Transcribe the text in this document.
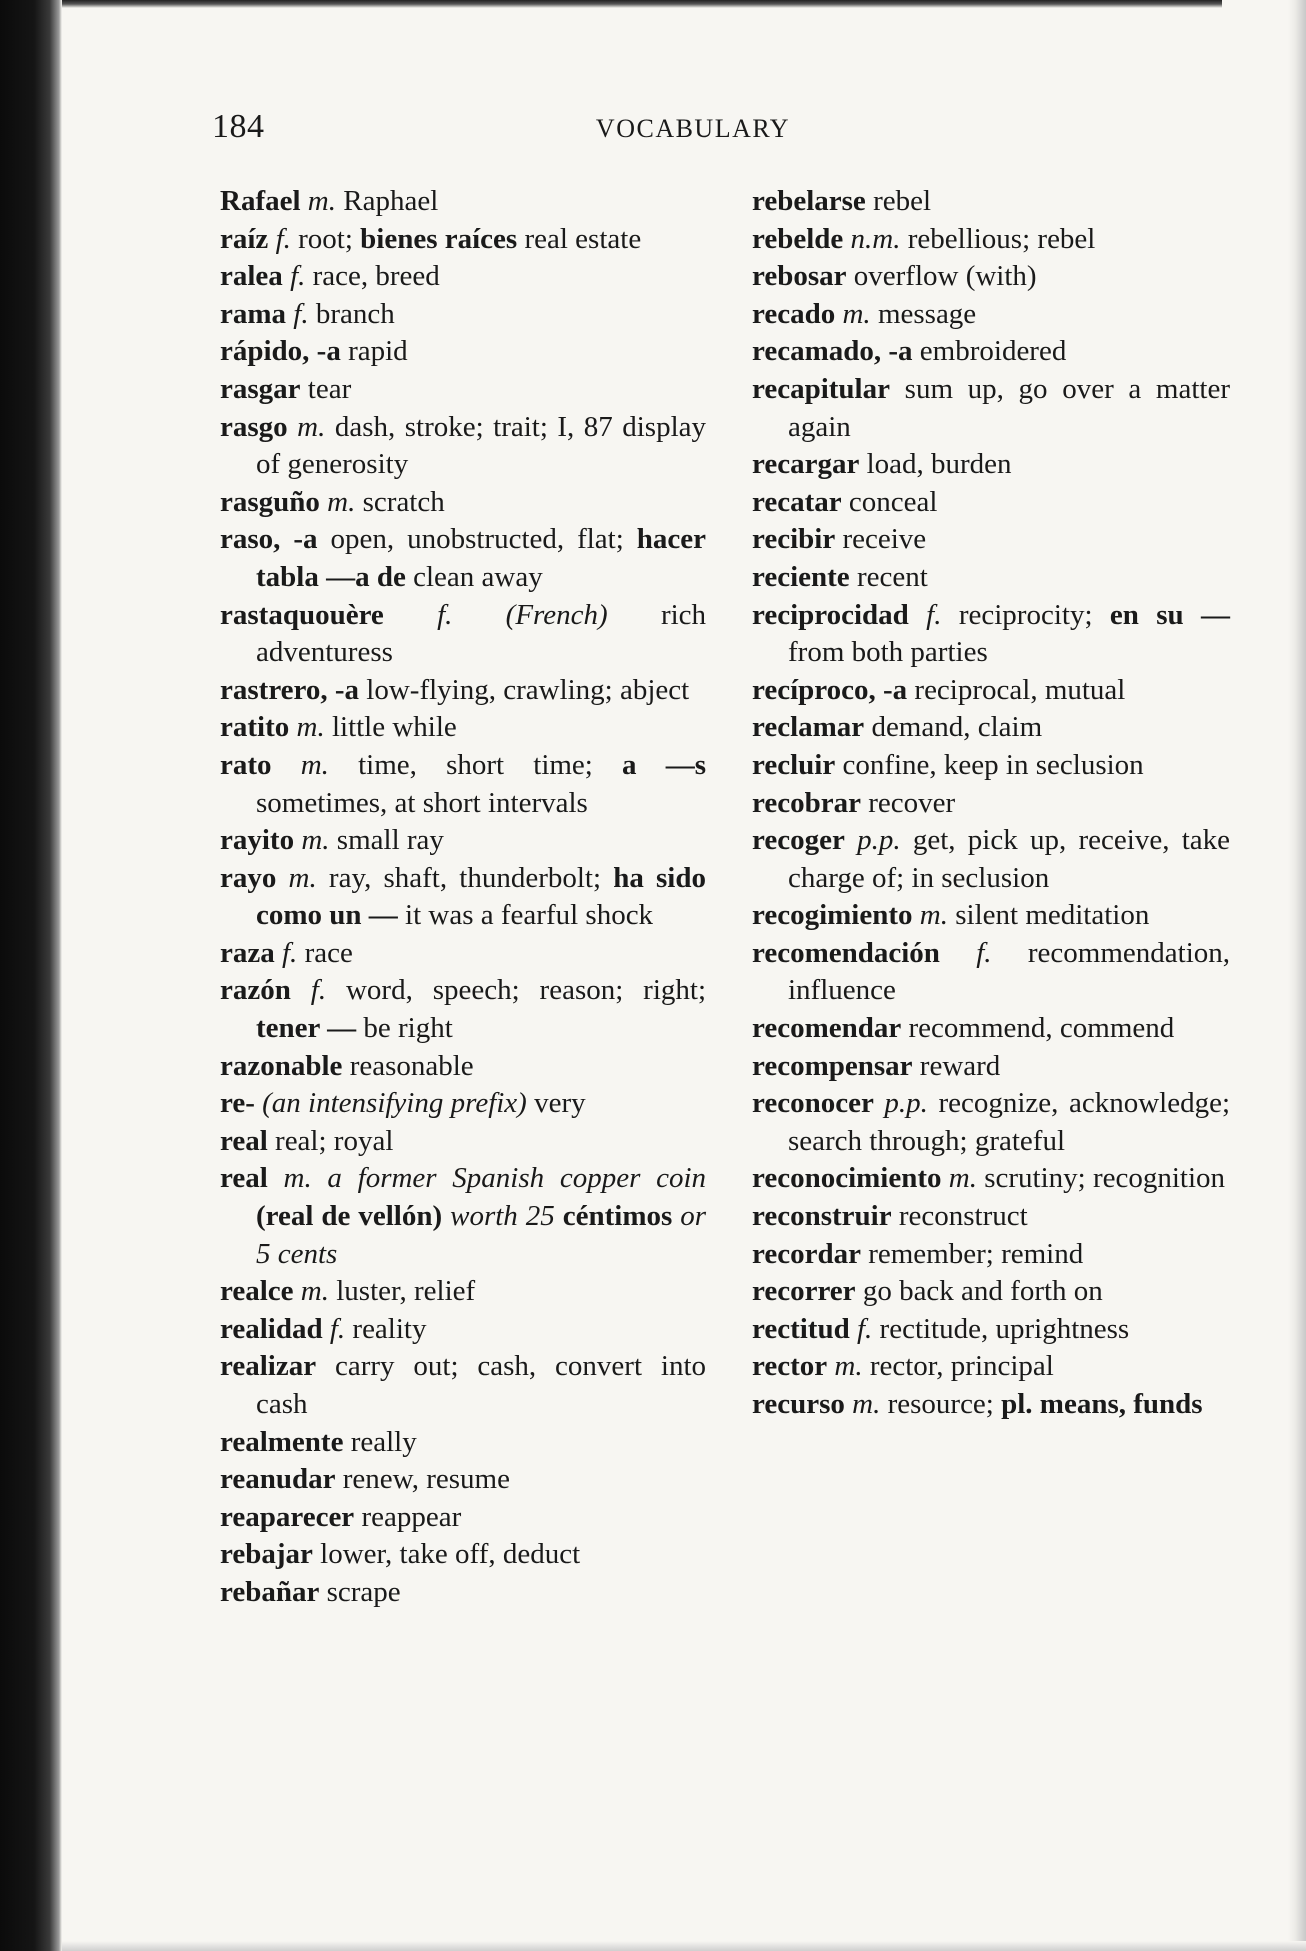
184	VOCABULARY

Rafael m. Raphael

raíz f. root; bienes raíces real estate

ralea f. race, breed

rama f. branch

rápido, -a rapid

rasgar tear

rasgo m. dash, stroke; trait; I, 87 display of generosity

rasguño m. scratch

raso, -a open, unobstructed, flat; hacer tabla —a de clean away

rastaquouère f. (French) rich adventuress

rastrero, -a low-flying, crawling; abject

ratito m. little while

rato m. time, short time; a —s sometimes, at short intervals

rayito m. small ray

rayo m. ray, shaft, thunderbolt; ha sido como un — it was a fearful shock

raza f. race

razón f. word, speech; reason; right; tener — be right

razonable reasonable

re- (an intensifying prefix) very

real real; royal

real m. a former Spanish copper coin (real de vellón) worth 25 céntimos or 5 cents

realce m. luster, relief

realidad f. reality

realizar carry out; cash, convert into cash

realmente really

reanudar renew, resume

reaparecer reappear

rebajar lower, take off, deduct

rebañar scrape

rebelarse rebel

rebelde n.m. rebellious; rebel

rebosar overflow (with)

recado m. message

recamado, -a embroidered

recapitular sum up, go over a matter again

recargar load, burden

recatar conceal

recibir receive

reciente recent

reciprocidad f. reciprocity; en su — from both parties

recíproco, -a reciprocal, mutual

reclamar demand, claim

recluir confine, keep in seclusion

recobrar recover

recoger p.p. get, pick up, receive, take charge of; in seclusion

recogimiento m. silent meditation

recomendación f. recommendation, influence

recomendar recommend, commend

recompensar reward

reconocer p.p. recognize, acknowledge; search through; grateful

reconocimiento m. scrutiny; recognition

reconstruir reconstruct

recordar remember; remind

recorrer go back and forth on

rectitud f. rectitude, uprightness

rector m. rector, principal

recurso m. resource; pl. means, funds
